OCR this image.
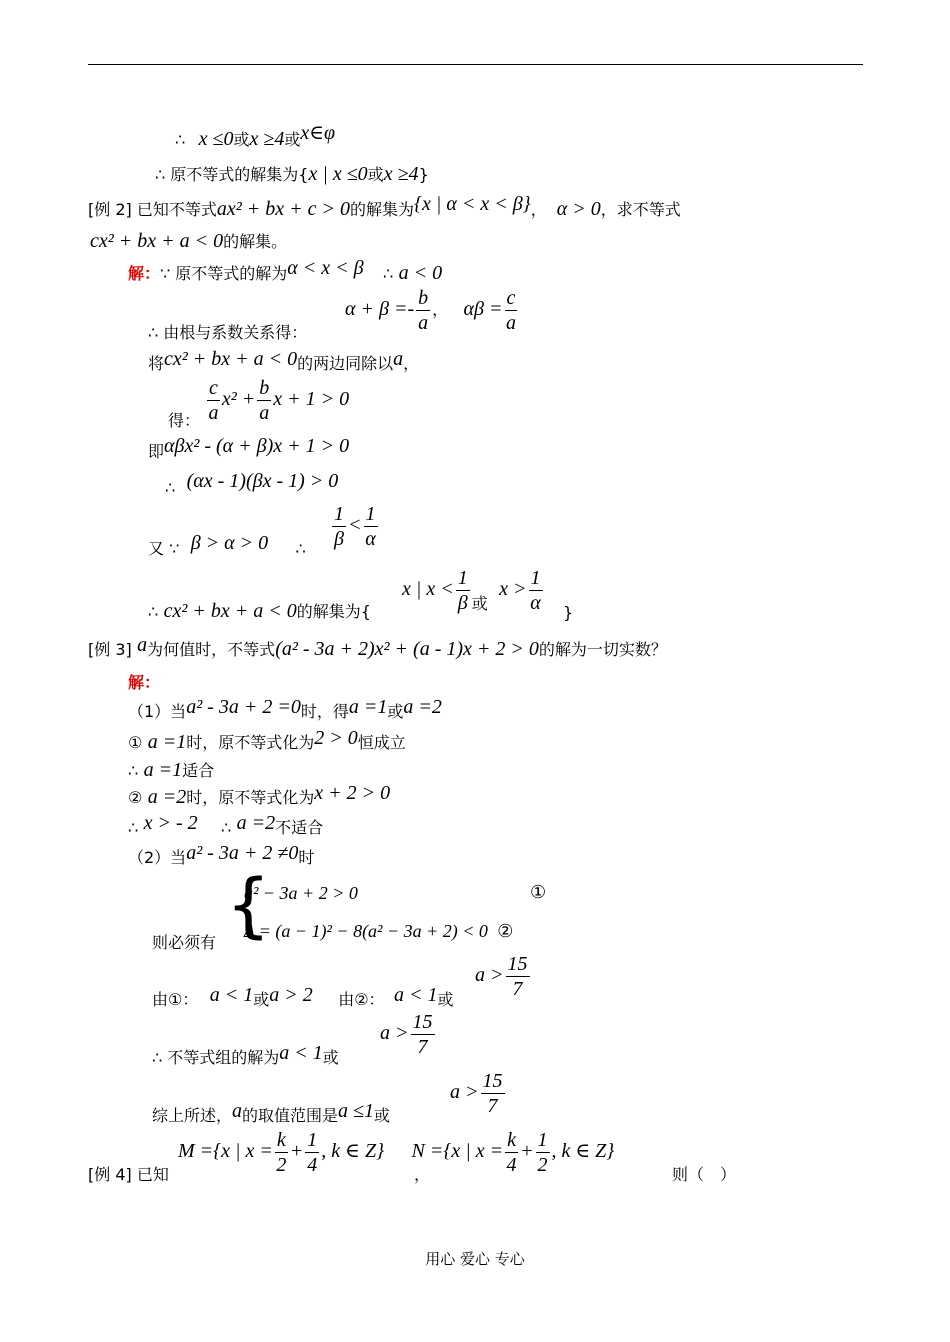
∴ x ≤0或x ≥4或x∈φ
∴ 原不等式的解集为{x | x ≤0或x ≥4}
[例 2] 已知不等式ax² + bx + c > 0的解集为{x | α < x < β}， α > 0，求不等式
cx² + bx + a < 0的解集。
解：∵ 原不等式的解为α < x < β ∴ a < 0
$\alpha + \beta =- \frac{b}{a}$ ， $\alpha\beta = \frac{c}{a}$
∴ 由根与系数关系得：
将cx² + bx + a < 0的两边同除以a，
$\frac{c}{a} x^2 + \frac{b}{a}$ x + 1 > 0
得：
即αβx² - (α + β)x + 1 > 0
∴ (αx - 1)(βx - 1) > 0
$\frac{1}{\beta} < \frac{1}{\alpha}$
又 ∵ β > α > 0 ∴
x | $x < \frac{1}{\beta}$ 或 $x > \frac{1}{\alpha}$
∴ cx² + bx + a < 0的解集为{	}
[例 3] a为何值时，不等式(a² - 3a + 2)x² + (a - 1)x + 2 > 0的解为一切实数？
解：
（1）当a² - 3a + 2 =0时，得a =1或a =2
① a =1时，原不等式化为2 > 0恒成立
∴ a =1适合
② a =2时，原不等式化为x + 2 > 0
∴ x > - 2 ∴ a =2不适合
（2）当a² - 3a + 2 ≠0时
{
a² − 3a + 2 > 0	①
Δ = (a − 1)² − 8(a² − 3a + 2) < 0 ②
则必须有
$a > \frac{15}{7}$
由①： a < 1或a > 2 由②： a < 1或
$a > \frac{15}{7}$
∴ 不等式组的解为a < 1或
$a > \frac{15}{7}$
综上所述，a的取值范围是a ≤1或
M ={x | $x = \frac{k}{2} + \frac{1}{4}$ , k ∈ Z} N ={x | $x = \frac{k}{4} + \frac{1}{2}$ , k ∈ Z}
[例 4] 已知	，	则（　）
用心 爱心 专心
